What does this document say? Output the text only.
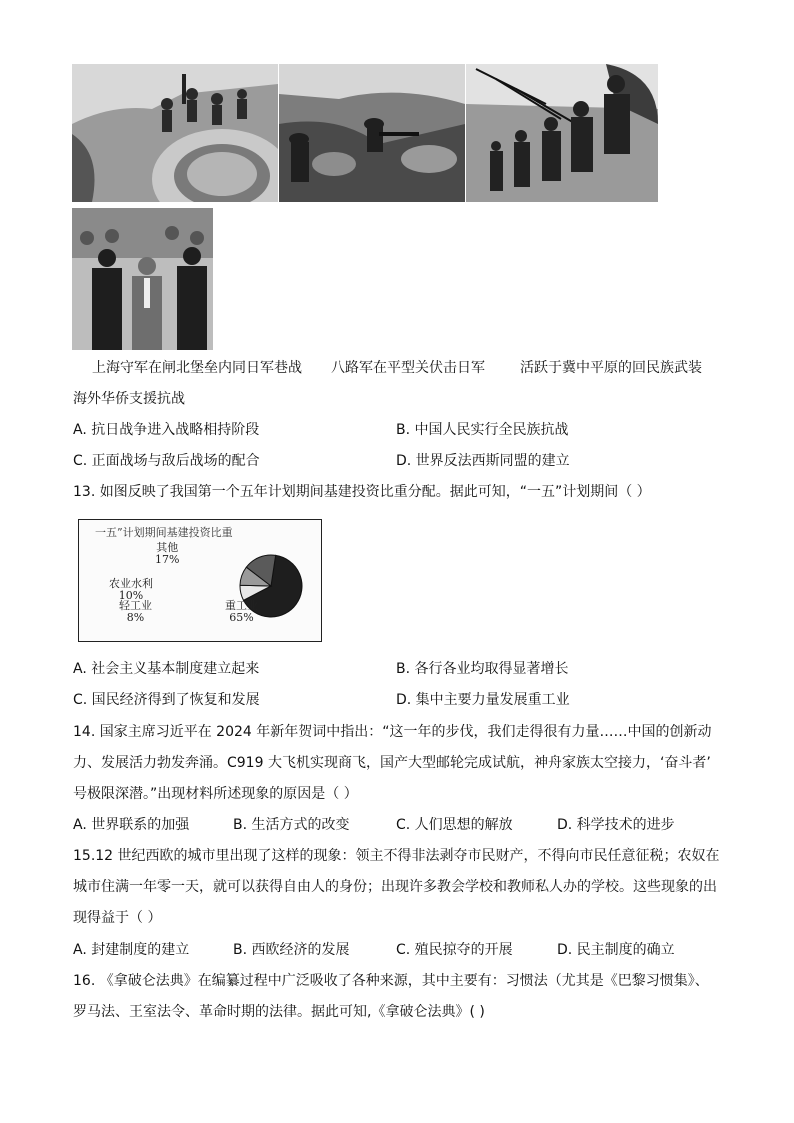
上海守军在闸北堡垒内同日军巷战 八路军在平型关伏击日军	活跃于冀中平原的回民族武装
海外华侨支援抗战
A. 抗日战争进入战略相持阶段	B. 中国人民实行全民族抗战
C. 正面战场与敌后战场的配合	D. 世界反法西斯同盟的建立
13. 如图反映了我国第一个五年计划期间基建投资比重分配。据此可知，“一五”计划期间（ ）
一五”计划期间基建投资比重
其他
17%
农业水利
10%
轻工业
8%
重工业
65%
A. 社会主义基本制度建立起来	B. 各行各业均取得显著增长
C. 国民经济得到了恢复和发展	D. 集中主要力量发展重工业
14. 国家主席习近平在 2024 年新年贺词中指出：“这一年的步伐，我们走得很有力量……中国的创新动
力、发展活力勃发奔涌。C919 大飞机实现商飞，国产大型邮轮完成试航，神舟家族太空接力，‘奋斗者’
号极限深潜。”出现材料所述现象的原因是（ ）
A. 世界联系的加强	B. 生活方式的改变	C. 人们思想的解放	D. 科学技术的进步
15.12 世纪西欧的城市里出现了这样的现象：领主不得非法剥夺市民财产，不得向市民任意征税；农奴在
城市住满一年零一天，就可以获得自由人的身份；出现许多教会学校和教师私人办的学校。这些现象的出
现得益于（ ）
A. 封建制度的建立	B. 西欧经济的发展	C. 殖民掠夺的开展	D. 民主制度的确立
16. 《拿破仑法典》在编纂过程中广泛吸收了各种来源，其中主要有：习惯法（尤其是《巴黎习惯集》、
罗马法、王室法令、革命时期的法律。据此可知,《拿破仑法典》( )
